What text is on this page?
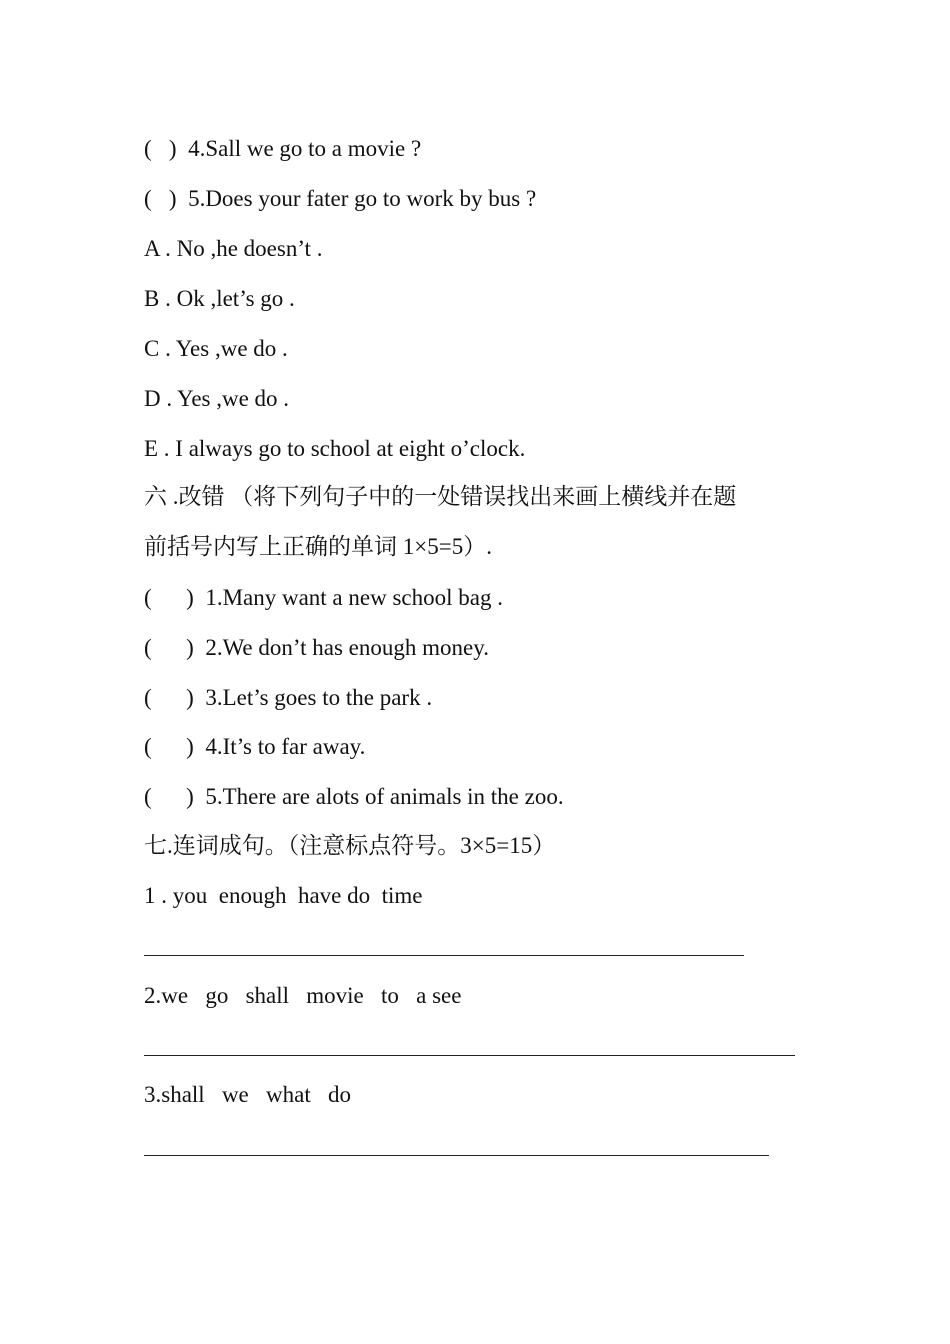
(   )  4.Sall we go to a movie ?
(   )  5.Does your fater go to work by bus ?
A . No ,he doesn’t .
B . Ok ,let’s go .
C . Yes ,we do .
D . Yes ,we do .
E . I always go to school at eight o’clock.
六 .改错 （将下列句子中的一处错误找出来画上横线并在题
前括号内写上正确的单词 1×5=5）.
(      )  1.Many want a new school bag .
(      )  2.We don’t has enough money.
(      )  3.Let’s goes to the park .
(      )  4.It’s to far away.
(      )  5.There are alots of animals in the zoo.
七.连词成句。（注意标点符号。3×5=15）
1 . you  enough  have do  time
2.we   go   shall   movie   to   a see
3.shall   we   what   do
